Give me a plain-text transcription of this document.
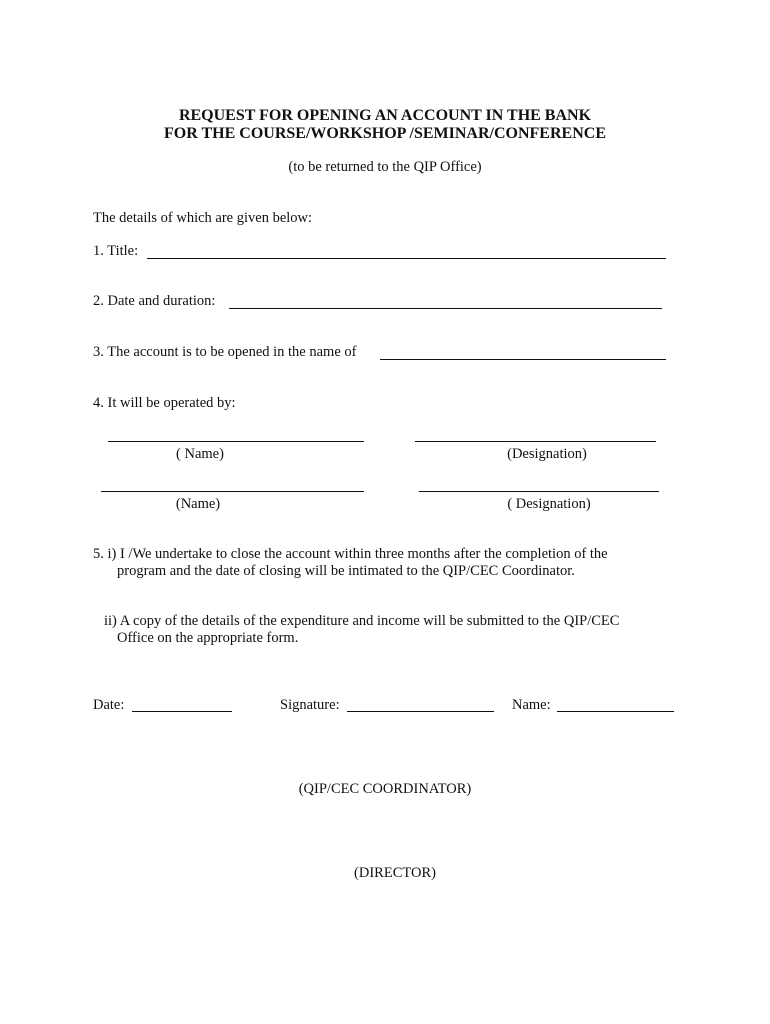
REQUEST FOR OPENING AN ACCOUNT IN THE BANK
FOR THE COURSE/WORKSHOP /SEMINAR/CONFERENCE
(to be returned to the QIP Office)
The details of which are given below:
1. Title:
2. Date and duration:
3. The account is to be opened in the name of
4. It will be operated by:
( Name)	(Designation)
(Name)	( Designation)
5. i) I /We undertake to close the account within three months after the completion of the
program and the date of closing will be intimated to the QIP/CEC Coordinator.
ii) A copy of the details of the expenditure and income will be submitted to the QIP/CEC
Office on the appropriate form.
Date:	Signature:	Name:
(QIP/CEC COORDINATOR)
(DIRECTOR)
